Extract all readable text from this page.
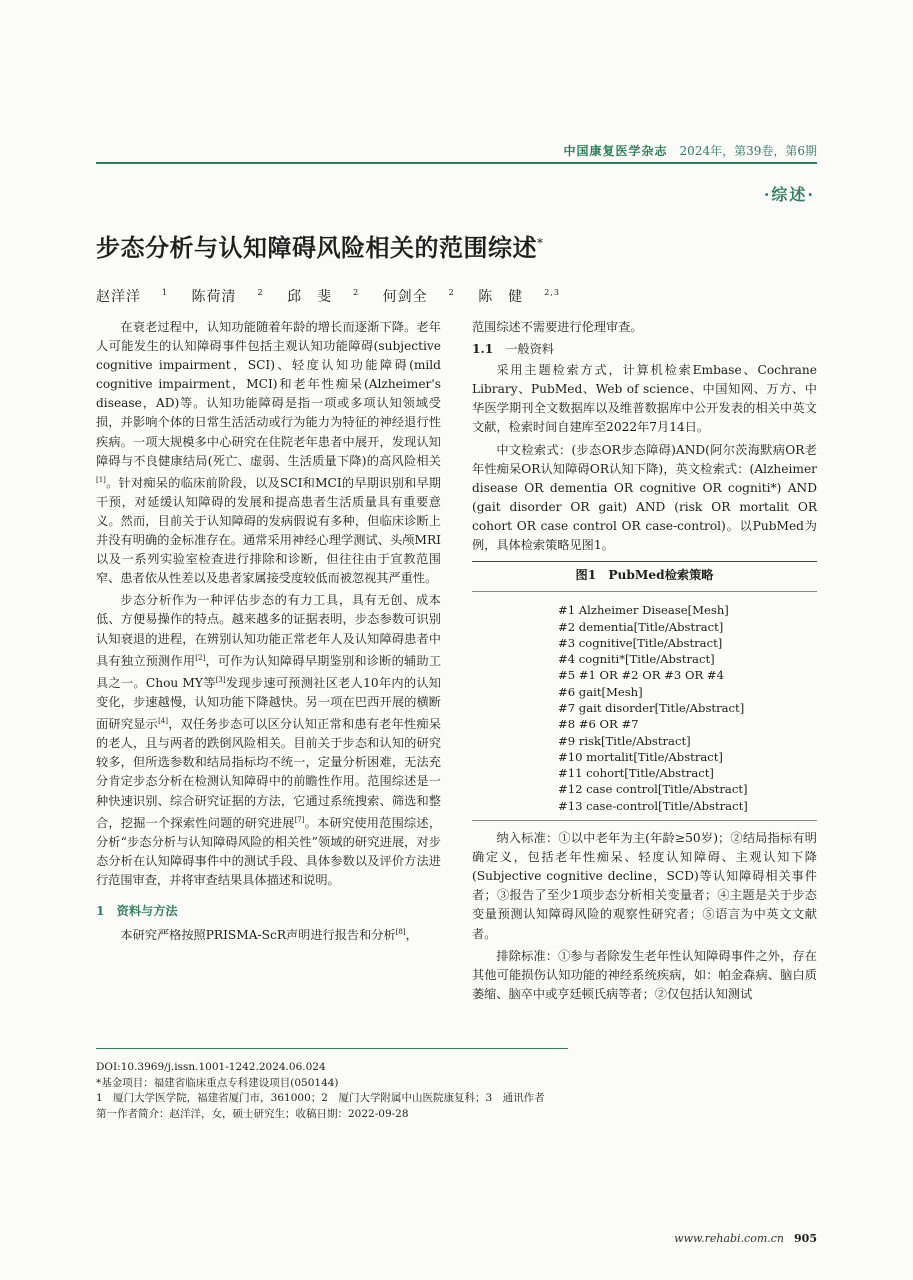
中国康复医学杂志 2024年，第39卷，第6期
·综述·
步态分析与认知障碍风险相关的范围综述*
赵洋洋	$^1$ 陈荷清	$^2$ 邱　斐	$^2$ 何剑全	$^2$ 陈　健	$^{2,3}$

在衰老过程中，认知功能随着年龄的增长而逐渐下降。老年人可能发生的认知障碍事件包括主观认知功能障碍(subjective cognitive impairment，SCI)、轻度认知功能障碍(mild cognitive impairment，MCI)和老年性痴呆(Alzheimer's disease，AD)等。认知功能障碍是指一项或多项认知领域受损，并影响个体的日常生活活动或行为能力为特征的神经退行性疾病。一项大规模多中心研究在住院老年患者中展开，发现认知障碍与不良健康结局(死亡、虚弱、生活质量下降)的高风险相关[1]。针对痴呆的临床前阶段，以及SCI和MCI的早期识别和早期干预，对延缓认知障碍的发展和提高患者生活质量具有重要意义。然而，目前关于认知障碍的发病假说有多种，但临床诊断上并没有明确的金标准存在。通常采用神经心理学测试、头颅MRI以及一系列实验室检查进行排除和诊断，但往往由于宣教范围窄、患者依从性差以及患者家属接受度较低而被忽视其严重性。

步态分析作为一种评估步态的有力工具，具有无创、成本低、方便易操作的特点。越来越多的证据表明，步态参数可识别认知衰退的进程，在辨别认知功能正常老年人及认知障碍患者中具有独立预测作用[2]，可作为认知障碍早期鉴别和诊断的辅助工具之一。Chou MY等[3]发现步速可预测社区老人10年内的认知变化，步速越慢，认知功能下降越快。另一项在巴西开展的横断面研究显示[4]，双任务步态可以区分认知正常和患有老年性痴呆的老人，且与两者的跌倒风险相关。目前关于步态和认知的研究较多，但所选参数和结局指标均不统一，定量分析困难，无法充分肯定步态分析在检测认知障碍中的前瞻性作用。范围综述是一种快速识别、综合研究证据的方法，它通过系统搜索、筛选和整合，挖掘一个探索性问题的研究进展[7]。本研究使用范围综述，分析“步态分析与认知障碍风险的相关性”领域的研究进展，对步态分析在认知障碍事件中的测试手段、具体参数以及评价方法进行范围审查，并将审查结果具体描述和说明。

1　资料与方法

本研究严格按照PRISMA-ScR声明进行报告和分析[8]，

范围综述不需要进行伦理审查。

1.1 一般资料

采用主题检索方式，计算机检索Embase、Cochrane Library、PubMed、Web of science、中国知网、万方、中华医学期刊全文数据库以及维普数据库中公开发表的相关中英文文献，检索时间自建库至2022年7月14日。

中文检索式：(步态OR步态障碍)AND(阿尔茨海默病OR老年性痴呆OR认知障碍OR认知下降)，英文检索式：(Alzheimer disease OR dementia OR cognitive OR cogniti*) AND (gait disorder OR gait) AND (risk OR mortalit OR cohort OR case control OR case-control)。以PubMed为例，具体检索策略见图1。

图1　PubMed检索策略
#1 Alzheimer Disease[Mesh]
#2 dementia[Title/Abstract]
#3 cognitive[Title/Abstract]
#4 cogniti*[Title/Abstract]
#5 #1 OR #2 OR #3 OR #4
#6 gait[Mesh]
#7 gait disorder[Title/Abstract]
#8 #6 OR #7
#9 risk[Title/Abstract]
#10 mortalit[Title/Abstract]
#11 cohort[Title/Abstract]
#12 case control[Title/Abstract]
#13 case-control[Title/Abstract]

纳入标准：①以中老年为主(年龄≥50岁)；②结局指标有明确定义，包括老年性痴呆、轻度认知障碍、主观认知下降(Subjective cognitive decline，SCD)等认知障碍相关事件者；③报告了至少1项步态分析相关变量者；④主题是关于步态变量预测认知障碍风险的观察性研究者；⑤语言为中英文文献者。

排除标准：①参与者除发生老年性认知障碍事件之外，存在其他可能损伤认知功能的神经系统疾病，如：帕金森病、脑白质萎缩、脑卒中或亨廷顿氏病等者；②仅包括认知测试

DOI:10.3969/j.issn.1001-1242.2024.06.024
*基金项目：福建省临床重点专科建设项目(050144)
1　厦门大学医学院，福建省厦门市，361000；2　厦门大学附属中山医院康复科；3　通讯作者
第一作者简介：赵洋洋，女，硕士研究生；收稿日期：2022-09-28
www.rehabi.com.cn 905
